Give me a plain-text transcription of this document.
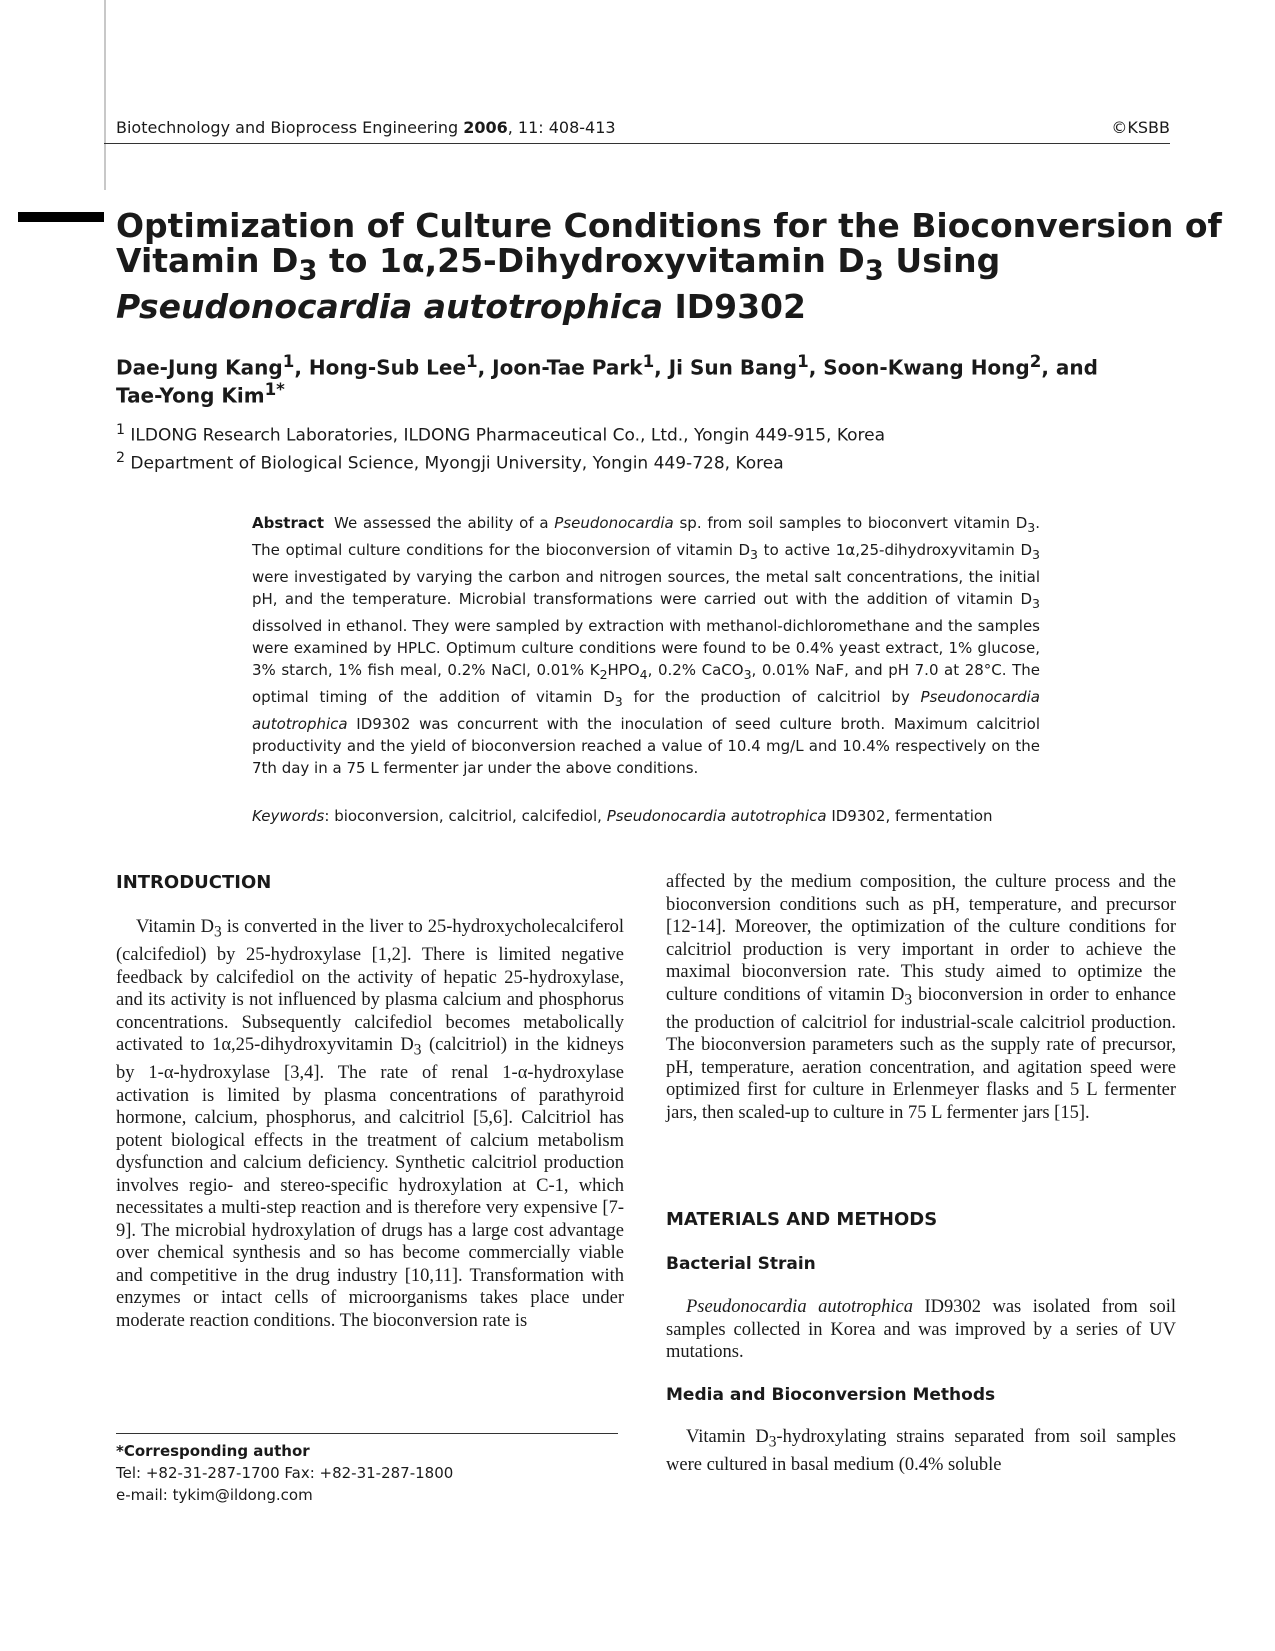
Biotechnology and Bioprocess Engineering 2006, 11: 408-413	©KSBB
Optimization of Culture Conditions for the Bioconversion of
Vitamin $D_3$ to 1α,25-Dihydroxyvitamin $D_3$ Using
Pseudonocardia autotrophica ID9302
Dae-Jung Kang$^1$, Hong-Sub Lee$^1$, Joon-Tae Park$^1$, Ji Sun Bang$^1$, Soon-Kwang Hong$^2$, and
Tae-Yong Kim$^{1*}$
$^1$ ILDONG Research Laboratories, ILDONG Pharmaceutical Co., Ltd., Yongin 449-915, Korea
$^2$ Department of Biological Science, Myongji University, Yongin 449-728, Korea
Abstract We assessed the ability of a Pseudonocardia sp. from soil samples to bioconvert vitamin $D_3$. The optimal culture conditions for the bioconversion of vitamin $D_3$ to active 1α,25-dihydroxyvitamin $D_3$ were investigated by varying the carbon and nitrogen sources, the metal salt concentrations, the initial pH, and the temperature. Microbial transformations were carried out with the addition of vitamin $D_3$ dissolved in ethanol. They were sampled by extraction with methanol-dichloromethane and the samples were examined by HPLC. Optimum culture conditions were found to be 0.4% yeast extract, 1% glucose, 3% starch, 1% fish meal, 0.2% NaCl, 0.01% $K_2HPO_4$, 0.2% CaCO$_3$, 0.01% NaF, and pH 7.0 at 28°C. The optimal timing of the addition of vitamin $D_3$ for the production of calcitriol by Pseudonocardia autotrophica ID9302 was concurrent with the inoculation of seed culture broth. Maximum calcitriol productivity and the yield of bioconversion reached a value of 10.4 mg/L and 10.4% respectively on the 7th day in a 75 L fermenter jar under the above conditions.
Keywords: bioconversion, calcitriol, calcifediol, Pseudonocardia autotrophica ID9302, fermentation
INTRODUCTION

Vitamin $D_3$ is converted in the liver to 25-hydroxycholecalciferol (calcifediol) by 25-hydroxylase [1,2]. There is limited negative feedback by calcifediol on the activity of hepatic 25-hydroxylase, and its activity is not influenced by plasma calcium and phosphorus concentrations. Subsequently calcifediol becomes metabolically activated to 1α,25-dihydroxyvitamin $D_3$ (calcitriol) in the kidneys by 1-α-hydroxylase [3,4]. The rate of renal 1-α-hydroxylase activation is limited by plasma concentrations of parathyroid hormone, calcium, phosphorus, and calcitriol [5,6]. Calcitriol has potent biological effects in the treatment of calcium metabolism dysfunction and calcium deficiency. Synthetic calcitriol production involves regio- and stereo-specific hydroxylation at C-1, which necessitates a multi-step reaction and is therefore very expensive [7-9]. The microbial hydroxylation of drugs has a large cost advantage over chemical synthesis and so has become commercially viable and competitive in the drug industry [10,11]. Transformation with enzymes or intact cells of microorganisms takes place under moderate reaction conditions. The bioconversion rate is

affected by the medium composition, the culture process and the bioconversion conditions such as pH, temperature, and precursor [12-14]. Moreover, the optimization of the culture conditions for calcitriol production is very important in order to achieve the maximal bioconversion rate. This study aimed to optimize the culture conditions of vitamin $D_3$ bioconversion in order to enhance the production of calcitriol for industrial-scale calcitriol production. The bioconversion parameters such as the supply rate of precursor, pH, temperature, aeration concentration, and agitation speed were optimized first for culture in Erlenmeyer flasks and 5 L fermenter jars, then scaled-up to culture in 75 L fermenter jars [15].

MATERIALS AND METHODS
Bacterial Strain

Pseudonocardia autotrophica ID9302 was isolated from soil samples collected in Korea and was improved by a series of UV mutations.

Media and Bioconversion Methods

Vitamin $D_3$-hydroxylating strains separated from soil samples were cultured in basal medium (0.4% soluble

*Corresponding author
Tel: +82-31-287-1700 Fax: +82-31-287-1800
e-mail: tykim@ildong.com
